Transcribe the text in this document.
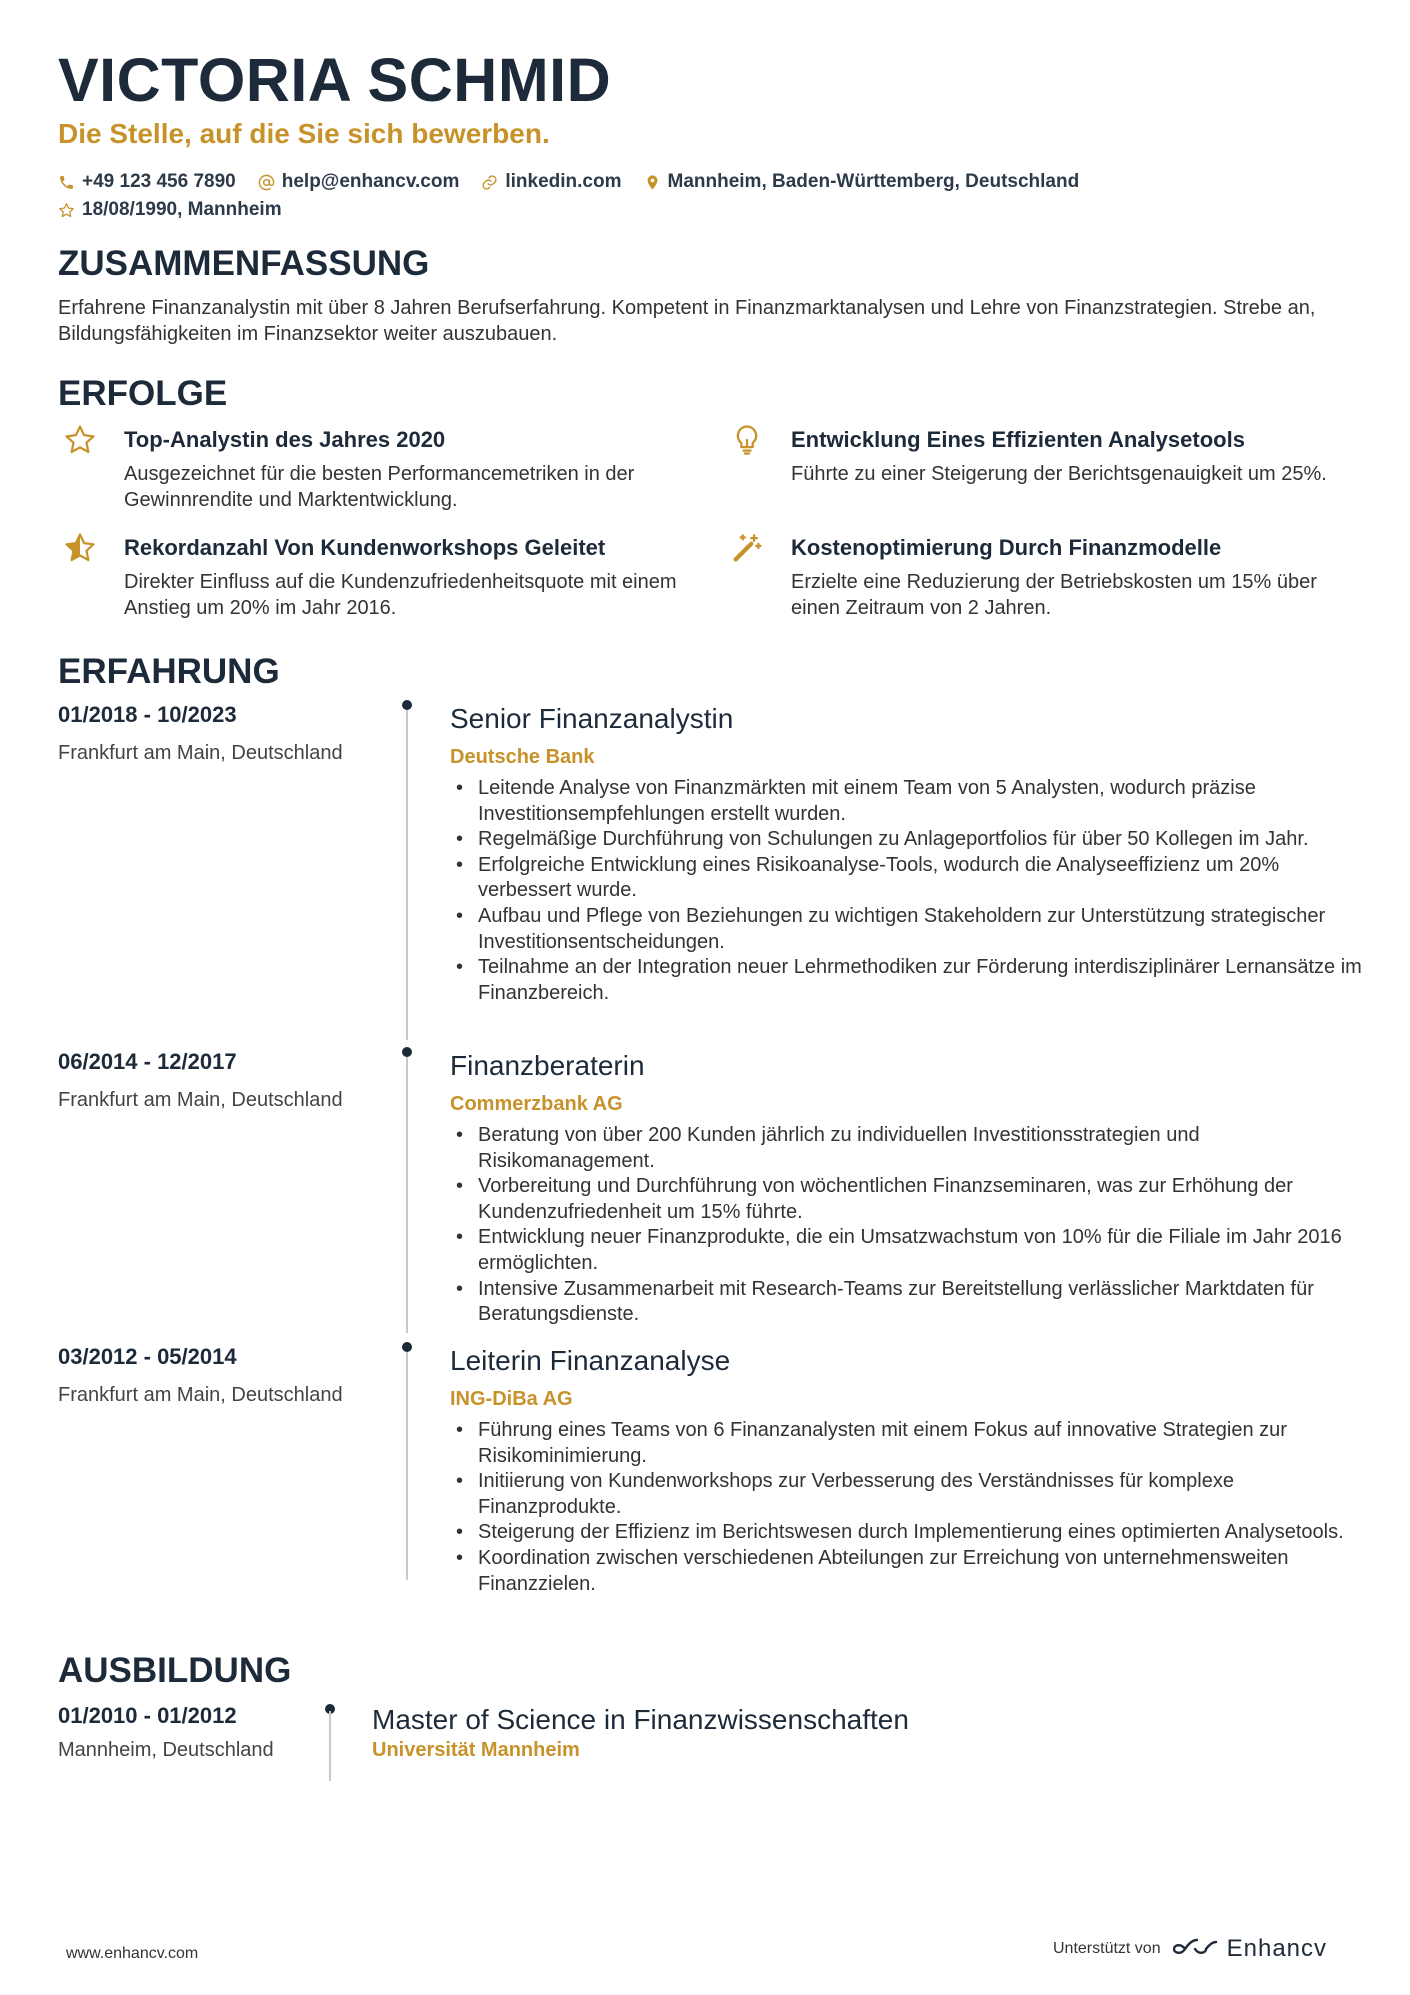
VICTORIA SCHMID

Die Stelle, auf die Sie sich bewerben.

+49 123 456 7890 help@enhancv.com linkedin.com Mannheim, Baden-Württemberg, Deutschland
18/08/1990, Mannheim
ZUSAMMENFASSUNG

Erfahrene Finanzanalystin mit über 8 Jahren Berufserfahrung. Kompetent in Finanzmarktanalysen und Lehre von Finanzstrategien. Strebe an, Bildungsfähigkeiten im Finanzsektor weiter auszubauen.

ERFOLGE

Top-Analystin des Jahres 2020

Ausgezeichnet für die besten Performancemetriken in der Gewinnrendite und Marktentwicklung.

Entwicklung Eines Effizienten Analysetools

Führte zu einer Steigerung der Berichtsgenauigkeit um 25%.

Rekordanzahl Von Kundenworkshops Geleitet

Direkter Einfluss auf die Kundenzufriedenheitsquote mit einem Anstieg um 20% im Jahr 2016.

Kostenoptimierung Durch Finanzmodelle

Erzielte eine Reduzierung der Betriebskosten um 15% über einen Zeitraum von 2 Jahren.

ERFAHRUNG

01/2018 - 10/2023

Frankfurt am Main, Deutschland

Senior Finanzanalystin

Deutsche Bank

• Leitende Analyse von Finanzmärkten mit einem Team von 5 Analysten, wodurch präzise Investitionsempfehlungen erstellt wurden.
• Regelmäßige Durchführung von Schulungen zu Anlageportfolios für über 50 Kollegen im Jahr.
• Erfolgreiche Entwicklung eines Risikoanalyse-Tools, wodurch die Analyseeffizienz um 20% verbessert wurde.
• Aufbau und Pflege von Beziehungen zu wichtigen Stakeholdern zur Unterstützung strategischer Investitionsentscheidungen.
• Teilnahme an der Integration neuer Lehrmethodiken zur Förderung interdisziplinärer Lernansätze im Finanzbereich.

06/2014 - 12/2017

Frankfurt am Main, Deutschland

Finanzberaterin

Commerzbank AG

• Beratung von über 200 Kunden jährlich zu individuellen Investitionsstrategien und Risikomanagement.
• Vorbereitung und Durchführung von wöchentlichen Finanzseminaren, was zur Erhöhung der Kundenzufriedenheit um 15% führte.
• Entwicklung neuer Finanzprodukte, die ein Umsatzwachstum von 10% für die Filiale im Jahr 2016 ermöglichten.
• Intensive Zusammenarbeit mit Research-Teams zur Bereitstellung verlässlicher Marktdaten für Beratungsdienste.

03/2012 - 05/2014

Frankfurt am Main, Deutschland

Leiterin Finanzanalyse

ING-DiBa AG

• Führung eines Teams von 6 Finanzanalysten mit einem Fokus auf innovative Strategien zur Risikominimierung.
• Initiierung von Kundenworkshops zur Verbesserung des Verständnisses für komplexe Finanzprodukte.
• Steigerung der Effizienz im Berichtswesen durch Implementierung eines optimierten Analysetools.
• Koordination zwischen verschiedenen Abteilungen zur Erreichung von unternehmensweiten Finanzzielen.
AUSBILDUNG

01/2010 - 01/2012

Mannheim, Deutschland

Master of Science in Finanzwissenschaften

Universität Mannheim

www.enhancv.com	Unterstützt von	Enhancv
